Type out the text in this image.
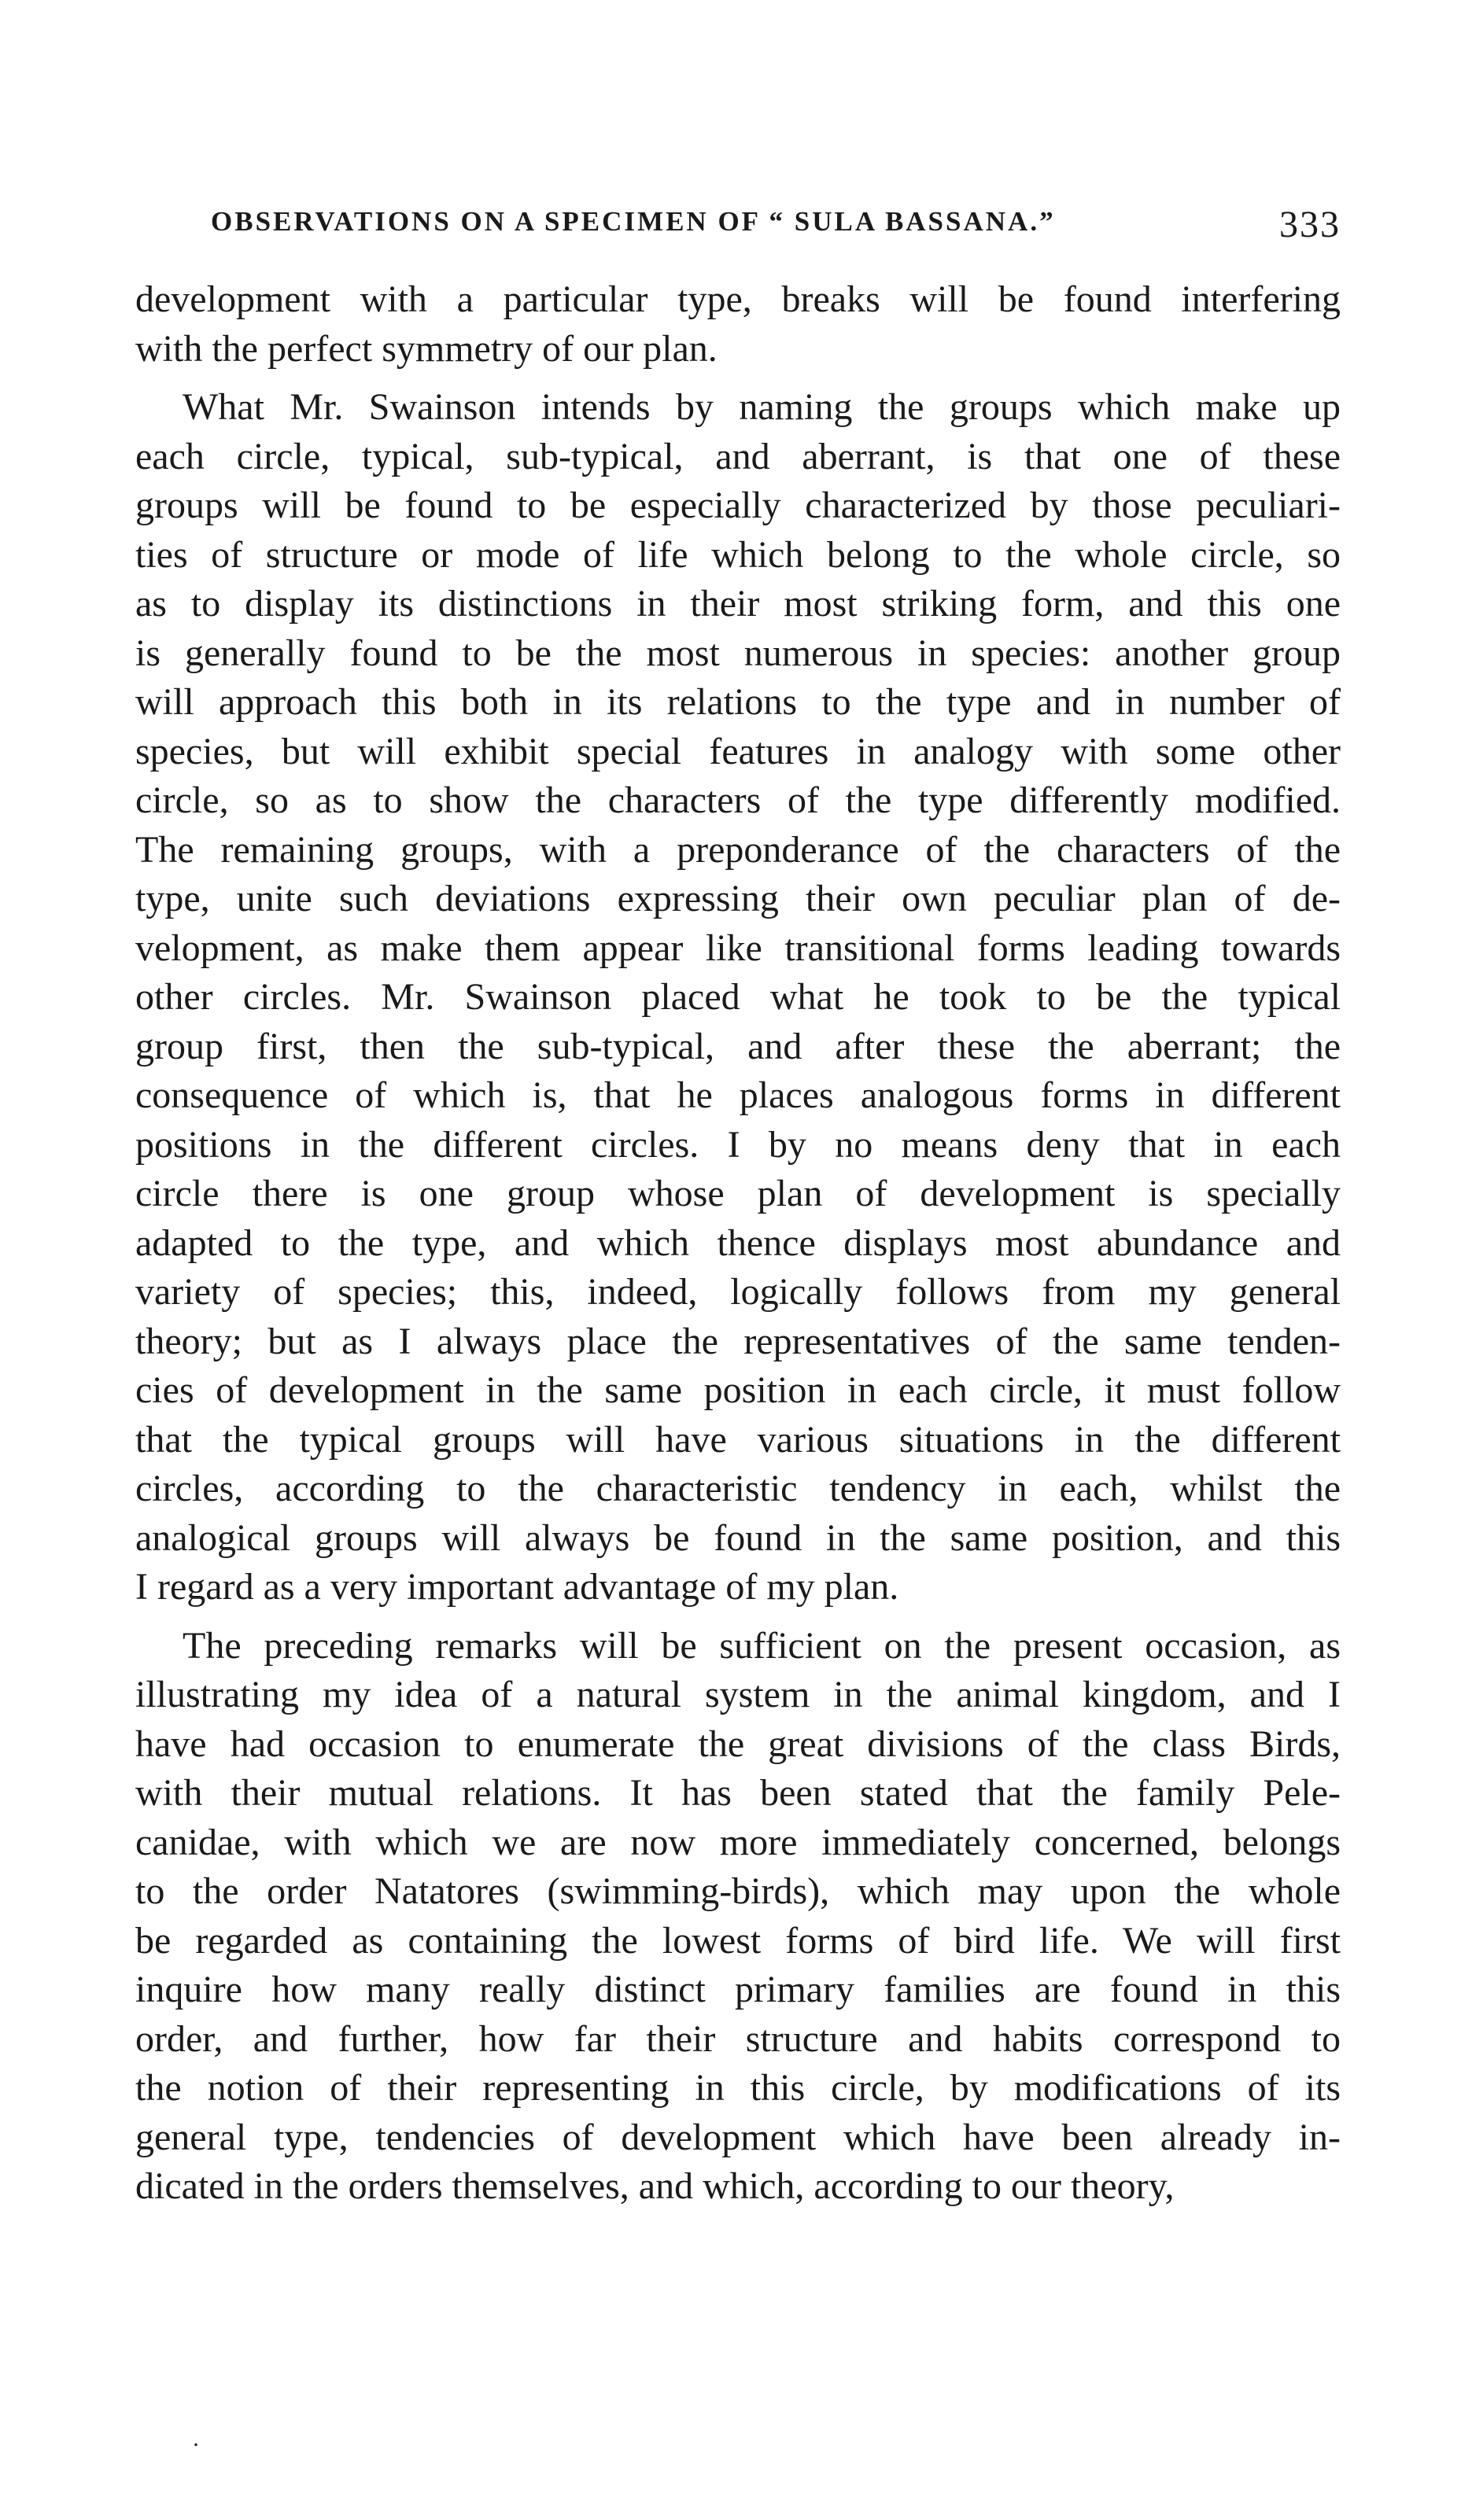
OBSERVATIONS ON A SPECIMEN OF “ SULA BASSANA.”	333
development with a particular type, breaks will be found interfering
with the perfect symmetry of our plan.
What Mr. Swainson intends by naming the groups which make up
each circle, typical, sub-typical, and aberrant, is that one of these
groups will be found to be especially characterized by those peculiari-
ties of structure or mode of life which belong to the whole circle, so
as to display its distinctions in their most striking form, and this one
is generally found to be the most numerous in species: another group
will approach this both in its relations to the type and in number of
species, but will exhibit special features in analogy with some other
circle, so as to show the characters of the type differently modified.
The remaining groups, with a preponderance of the characters of the
type, unite such deviations expressing their own peculiar plan of de-
velopment, as make them appear like transitional forms leading towards
other circles. Mr. Swainson placed what he took to be the typical
group first, then the sub-typical, and after these the aberrant; the
consequence of which is, that he places analogous forms in different
positions in the different circles. I by no means deny that in each
circle there is one group whose plan of development is specially
adapted to the type, and which thence displays most abundance and
variety of species; this, indeed, logically follows from my general
theory; but as I always place the representatives of the same tenden-
cies of development in the same position in each circle, it must follow
that the typical groups will have various situations in the different
circles, according to the characteristic tendency in each, whilst the
analogical groups will always be found in the same position, and this
I regard as a very important advantage of my plan.
The preceding remarks will be sufficient on the present occasion, as
illustrating my idea of a natural system in the animal kingdom, and I
have had occasion to enumerate the great divisions of the class Birds,
with their mutual relations. It has been stated that the family Pele-
canidae, with which we are now more immediately concerned, belongs
to the order Natatores (swimming-birds), which may upon the whole
be regarded as containing the lowest forms of bird life. We will first
inquire how many really distinct primary families are found in this
order, and further, how far their structure and habits correspond to
the notion of their representing in this circle, by modifications of its
general type, tendencies of development which have been already in-
dicated in the orders themselves, and which, according to our theory,
·
